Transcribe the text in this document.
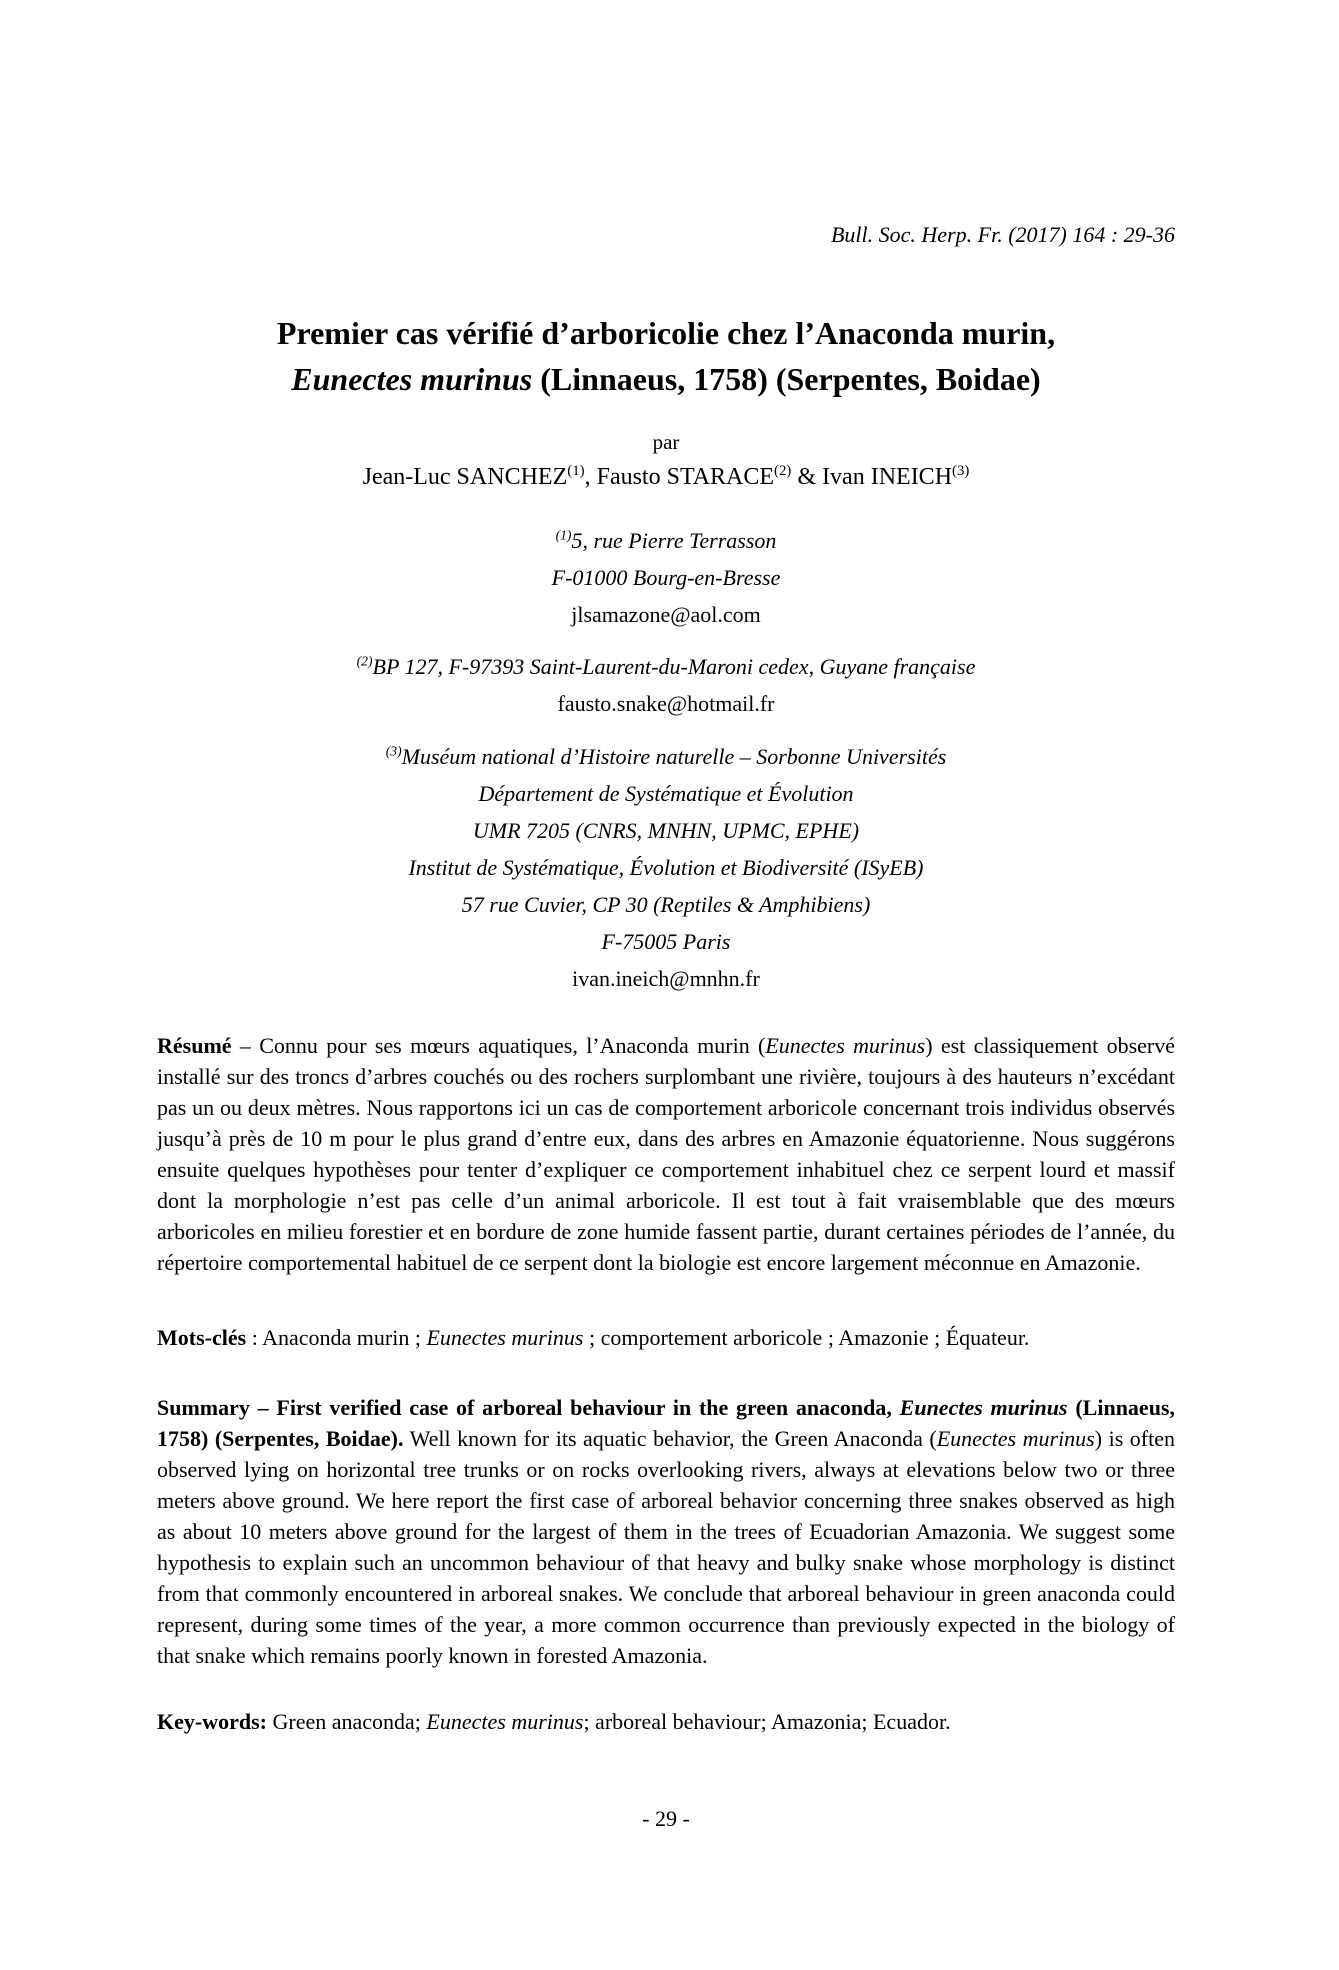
Bull. Soc. Herp. Fr. (2017) 164 : 29-36
Premier cas vérifié d’arboricolie chez l’Anaconda murin,
Eunectes murinus (Linnaeus, 1758) (Serpentes, Boidae)
par
Jean-Luc SANCHEZ$^{(1)}$, Fausto STARACE$^{(2)}$ & Ivan INEICH$^{(3)}$
$^{(1)}$5, rue Pierre Terrasson
F-01000 Bourg-en-Bresse
jlsamazone@aol.com
$^{(2)}$BP 127, F-97393 Saint-Laurent-du-Maroni cedex, Guyane française
fausto.snake@hotmail.fr
$^{(3)}$Muséum national d’Histoire naturelle – Sorbonne Universités
Département de Systématique et Évolution
UMR 7205 (CNRS, MNHN, UPMC, EPHE)
Institut de Systématique, Évolution et Biodiversité (ISyEB)
57 rue Cuvier, CP 30 (Reptiles & Amphibiens)
F-75005 Paris
ivan.ineich@mnhn.fr

Résumé – Connu pour ses mœurs aquatiques, l’Anaconda murin (Eunectes murinus) est classiquement observé installé sur des troncs d’arbres couchés ou des rochers surplombant une rivière, toujours à des hauteurs n’excédant pas un ou deux mètres. Nous rapportons ici un cas de comportement arboricole concernant trois individus observés jusqu’à près de 10 m pour le plus grand d’entre eux, dans des arbres en Amazonie équatorienne. Nous suggérons ensuite quelques hypothèses pour tenter d’expliquer ce comportement inhabituel chez ce serpent lourd et massif dont la morphologie n’est pas celle d’un animal arboricole. Il est tout à fait vraisemblable que des mœurs arboricoles en milieu forestier et en bordure de zone humide fassent partie, durant certaines périodes de l’année, du répertoire comportemental habituel de ce serpent dont la biologie est encore largement méconnue en Amazonie.

Mots-clés : Anaconda murin ; Eunectes murinus ; comportement arboricole ; Amazonie ; Équateur.

Summary – First verified case of arboreal behaviour in the green anaconda, Eunectes murinus (Linnaeus, 1758) (Serpentes, Boidae). Well known for its aquatic behavior, the Green Anaconda (Eunectes murinus) is often observed lying on horizontal tree trunks or on rocks overlooking rivers, always at elevations below two or three meters above ground. We here report the first case of arboreal behavior concerning three snakes observed as high as about 10 meters above ground for the largest of them in the trees of Ecuadorian Amazonia. We suggest some hypothesis to explain such an uncommon behaviour of that heavy and bulky snake whose morphology is distinct from that commonly encountered in arboreal snakes. We conclude that arboreal behaviour in green anaconda could represent, during some times of the year, a more common occurrence than previously expected in the biology of that snake which remains poorly known in forested Amazonia.

Key-words: Green anaconda; Eunectes murinus; arboreal behaviour; Amazonia; Ecuador.

- 29 -
